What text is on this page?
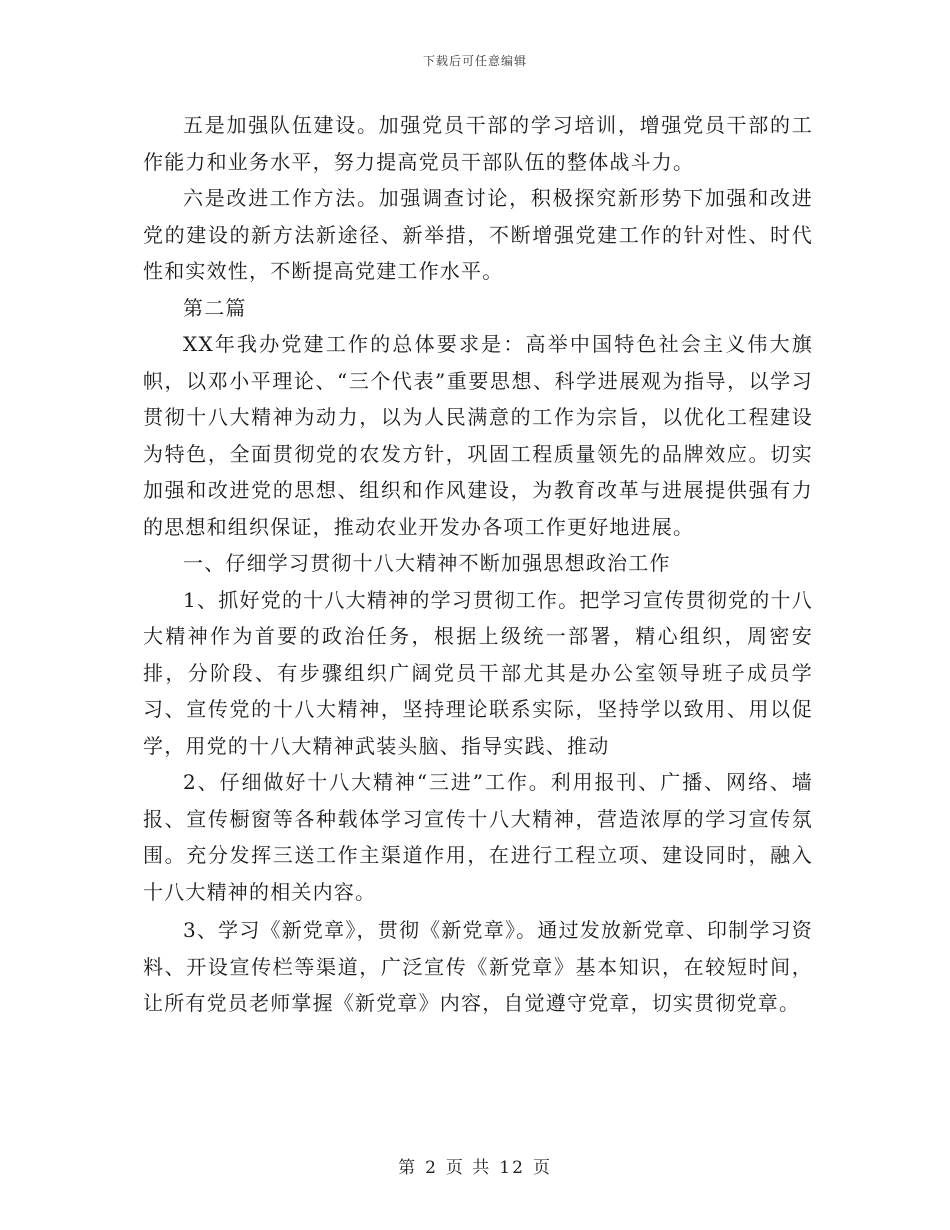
下载后可任意编辑

五是加强队伍建设。加强党员干部的学习培训，增强党员干部的工作能力和业务水平，努力提高党员干部队伍的整体战斗力。

六是改进工作方法。加强调查讨论，积极探究新形势下加强和改进党的建设的新方法新途径、新举措，不断增强党建工作的针对性、时代性和实效性，不断提高党建工作水平。

第二篇

XX年我办党建工作的总体要求是：高举中国特色社会主义伟大旗帜，以邓小平理论、“三个代表”重要思想、科学进展观为指导，以学习贯彻十八大精神为动力，以为人民满意的工作为宗旨，以优化工程建设为特色，全面贯彻党的农发方针，巩固工程质量领先的品牌效应。切实加强和改进党的思想、组织和作风建设，为教育改革与进展提供强有力的思想和组织保证，推动农业开发办各项工作更好地进展。

一、仔细学习贯彻十八大精神不断加强思想政治工作

1、抓好党的十八大精神的学习贯彻工作。把学习宣传贯彻党的十八大精神作为首要的政治任务，根据上级统一部署，精心组织，周密安排，分阶段、有步骤组织广阔党员干部尤其是办公室领导班子成员学习、宣传党的十八大精神，坚持理论联系实际，坚持学以致用、用以促学，用党的十八大精神武装头脑、指导实践、推动

2、仔细做好十八大精神“三进”工作。利用报刊、广播、网络、墙报、宣传橱窗等各种载体学习宣传十八大精神，营造浓厚的学习宣传氛围。充分发挥三送工作主渠道作用，在进行工程立项、建设同时，融入十八大精神的相关内容。

3、学习《新党章》，贯彻《新党章》。通过发放新党章、印制学习资料、开设宣传栏等渠道，广泛宣传《新党章》基本知识，在较短时间，让所有党员老师掌握《新党章》内容，自觉遵守党章，切实贯彻党章。

第 2 页 共 12 页
